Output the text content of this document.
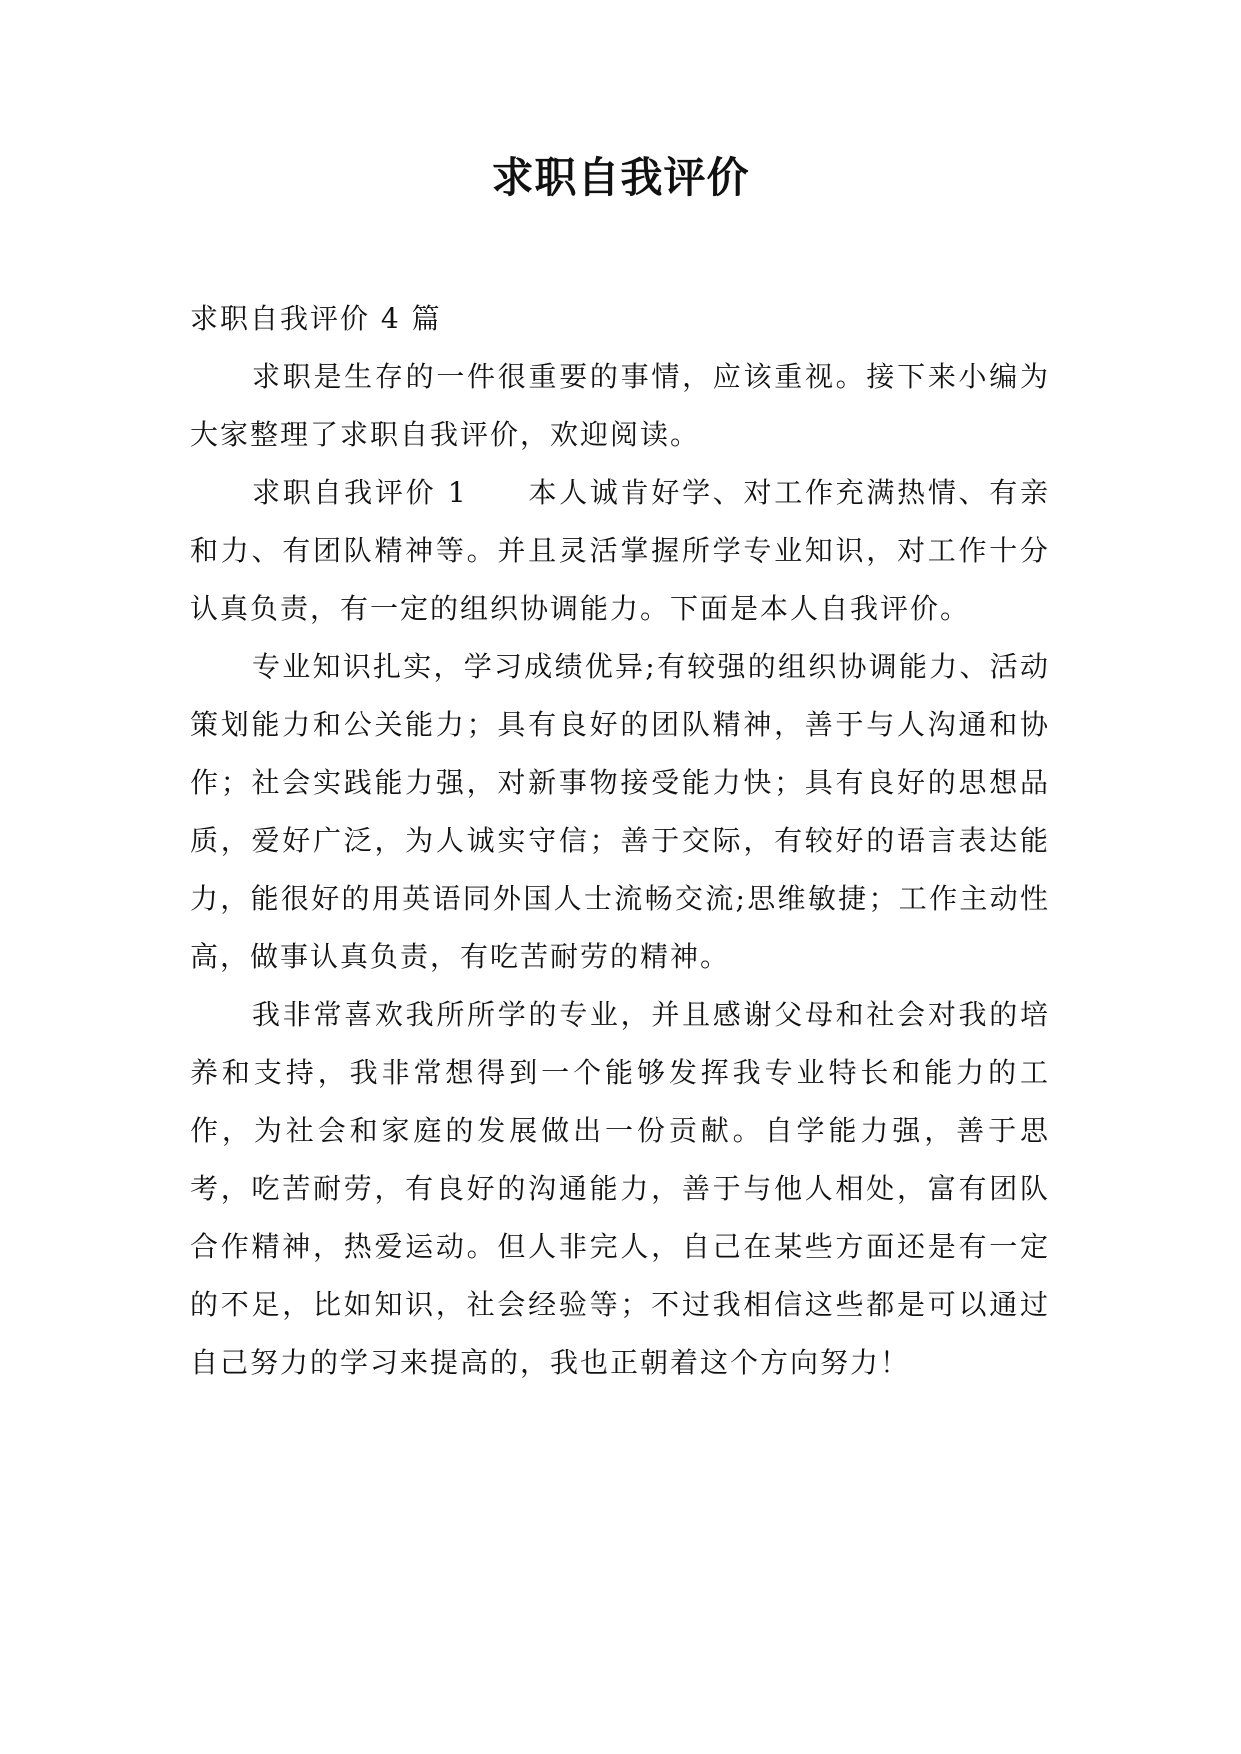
求职自我评价

求职自我评价 4 篇

求职是生存的一件很重要的事情，应该重视。接下来小编为大家整理了求职自我评价，欢迎阅读。

求职自我评价 1 本人诚肯好学、对工作充满热情、有亲和力、有团队精神等。并且灵活掌握所学专业知识，对工作十分认真负责，有一定的组织协调能力。下面是本人自我评价。

专业知识扎实，学习成绩优异;有较强的组织协调能力、活动策划能力和公关能力；具有良好的团队精神，善于与人沟通和协作；社会实践能力强，对新事物接受能力快；具有良好的思想品质，爱好广泛，为人诚实守信；善于交际，有较好的语言表达能力，能很好的用英语同外国人士流畅交流;思维敏捷；工作主动性高，做事认真负责，有吃苦耐劳的精神。

我非常喜欢我所所学的专业，并且感谢父母和社会对我的培养和支持，我非常想得到一个能够发挥我专业特长和能力的工作，为社会和家庭的发展做出一份贡献。自学能力强，善于思考，吃苦耐劳，有良好的沟通能力，善于与他人相处，富有团队合作精神，热爱运动。但人非完人，自己在某些方面还是有一定的不足，比如知识，社会经验等；不过我相信这些都是可以通过自己努力的学习来提高的，我也正朝着这个方向努力！
